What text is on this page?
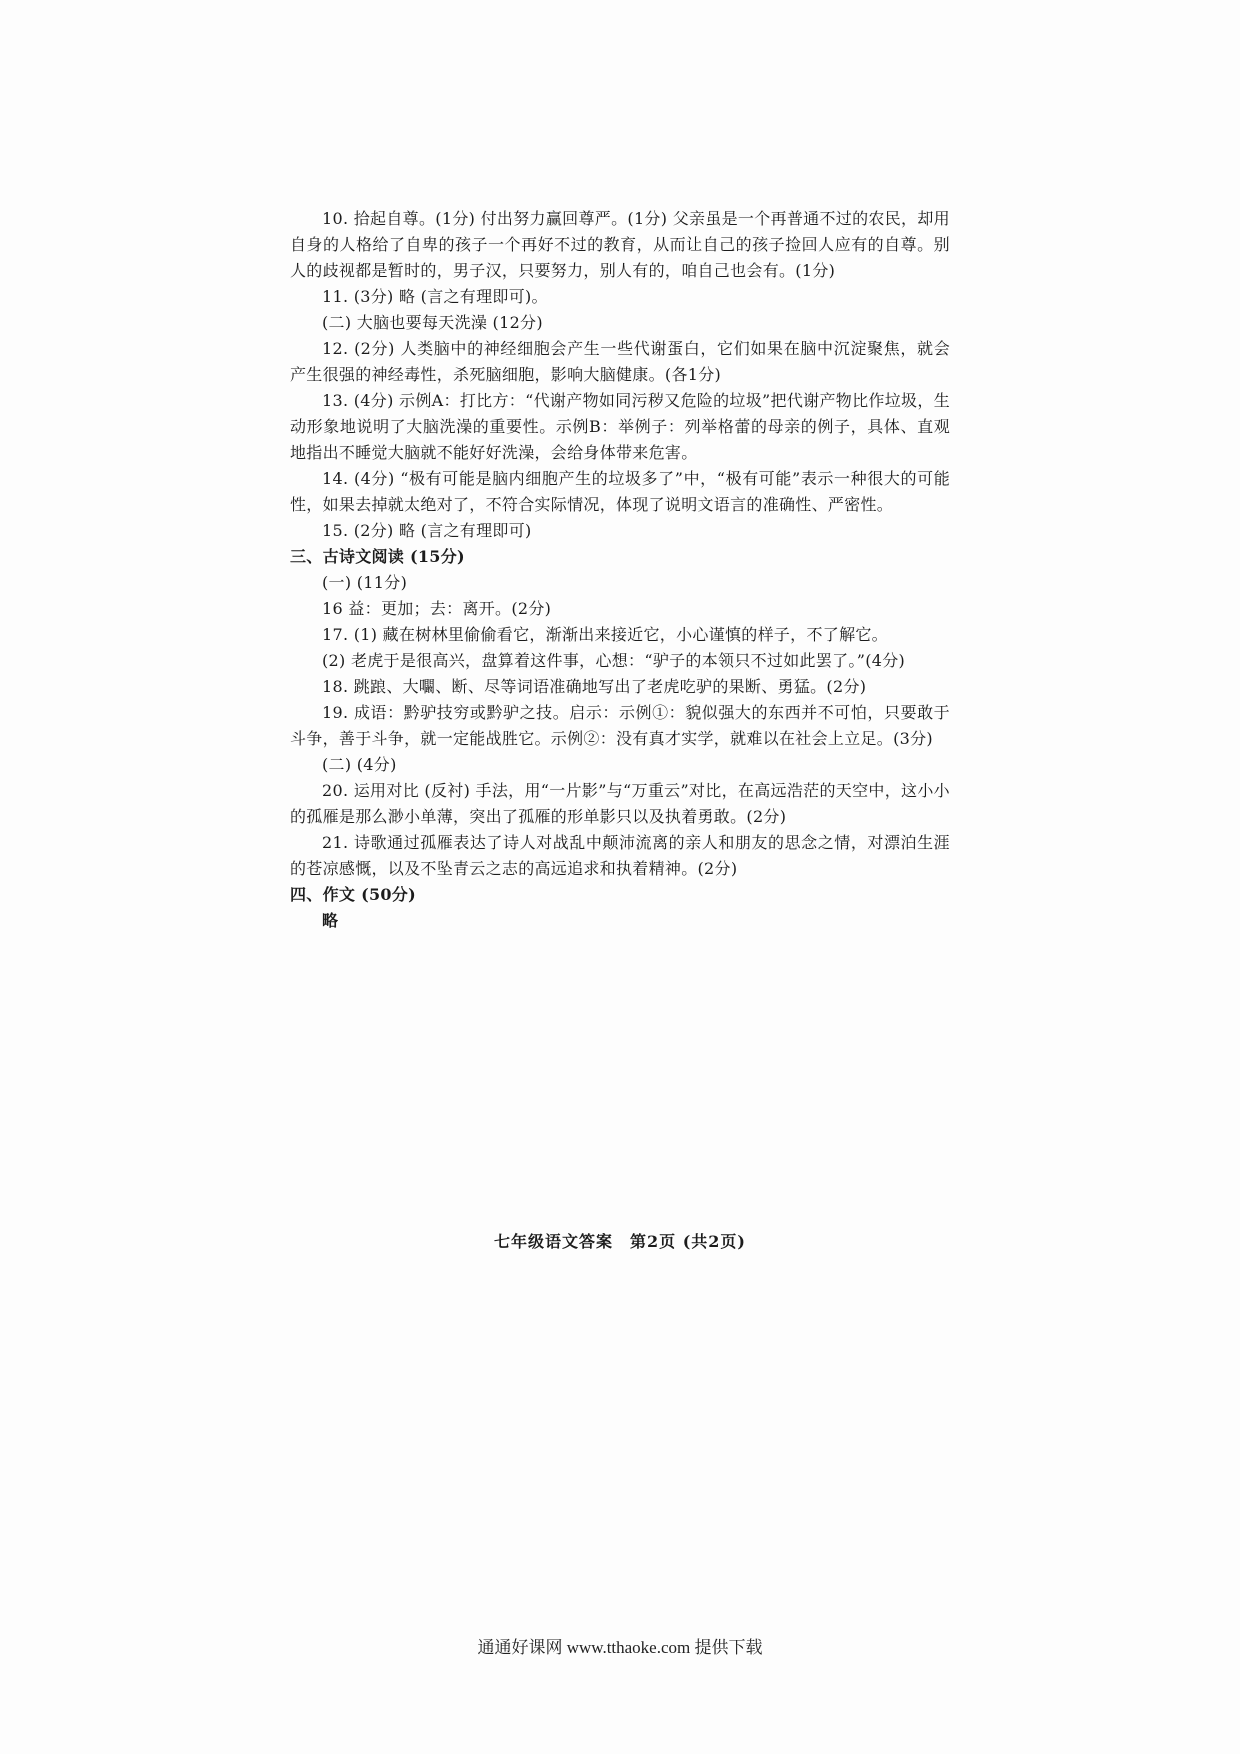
10. 拾起自尊。(1分) 付出努力赢回尊严。(1分) 父亲虽是一个再普通不过的农民，却用自身的人格给了自卑的孩子一个再好不过的教育，从而让自己的孩子捡回人应有的自尊。别人的歧视都是暂时的，男子汉，只要努力，别人有的，咱自己也会有。(1分)

11. (3分) 略 (言之有理即可)。

(二) 大脑也要每天洗澡 (12分)

12. (2分) 人类脑中的神经细胞会产生一些代谢蛋白，它们如果在脑中沉淀聚焦，就会产生很强的神经毒性，杀死脑细胞，影响大脑健康。(各1分)

13. (4分) 示例A：打比方：“代谢产物如同污秽又危险的垃圾”把代谢产物比作垃圾，生动形象地说明了大脑洗澡的重要性。示例B：举例子：列举格蕾的母亲的例子，具体、直观地指出不睡觉大脑就不能好好洗澡，会给身体带来危害。

14. (4分) “极有可能是脑内细胞产生的垃圾多了”中，“极有可能”表示一种很大的可能性，如果去掉就太绝对了，不符合实际情况，体现了说明文语言的准确性、严密性。

15. (2分) 略 (言之有理即可)

三、古诗文阅读 (15分)

(一) (11分)

16 益：更加；去：离开。(2分)

17. (1) 藏在树林里偷偷看它，渐渐出来接近它，小心谨慎的样子，不了解它。

(2) 老虎于是很高兴，盘算着这件事，心想：“驴子的本领只不过如此罢了。”(4分)

18. 跳踉、大㘚、断、尽等词语准确地写出了老虎吃驴的果断、勇猛。(2分)

19. 成语：黔驴技穷或黔驴之技。启示：示例①：貌似强大的东西并不可怕，只要敢于斗争，善于斗争，就一定能战胜它。示例②：没有真才实学，就难以在社会上立足。(3分)

(二) (4分)

20. 运用对比 (反衬) 手法，用“一片影”与“万重云”对比，在高远浩茫的天空中，这小小的孤雁是那么渺小单薄，突出了孤雁的形单影只以及执着勇敢。(2分)

21. 诗歌通过孤雁表达了诗人对战乱中颠沛流离的亲人和朋友的思念之情，对漂泊生涯的苍凉感慨，以及不坠青云之志的高远追求和执着精神。(2分)

四、作文 (50分)

略

七年级语文答案　第2页 (共2页)
通通好课网 www.tthaoke.com 提供下载
